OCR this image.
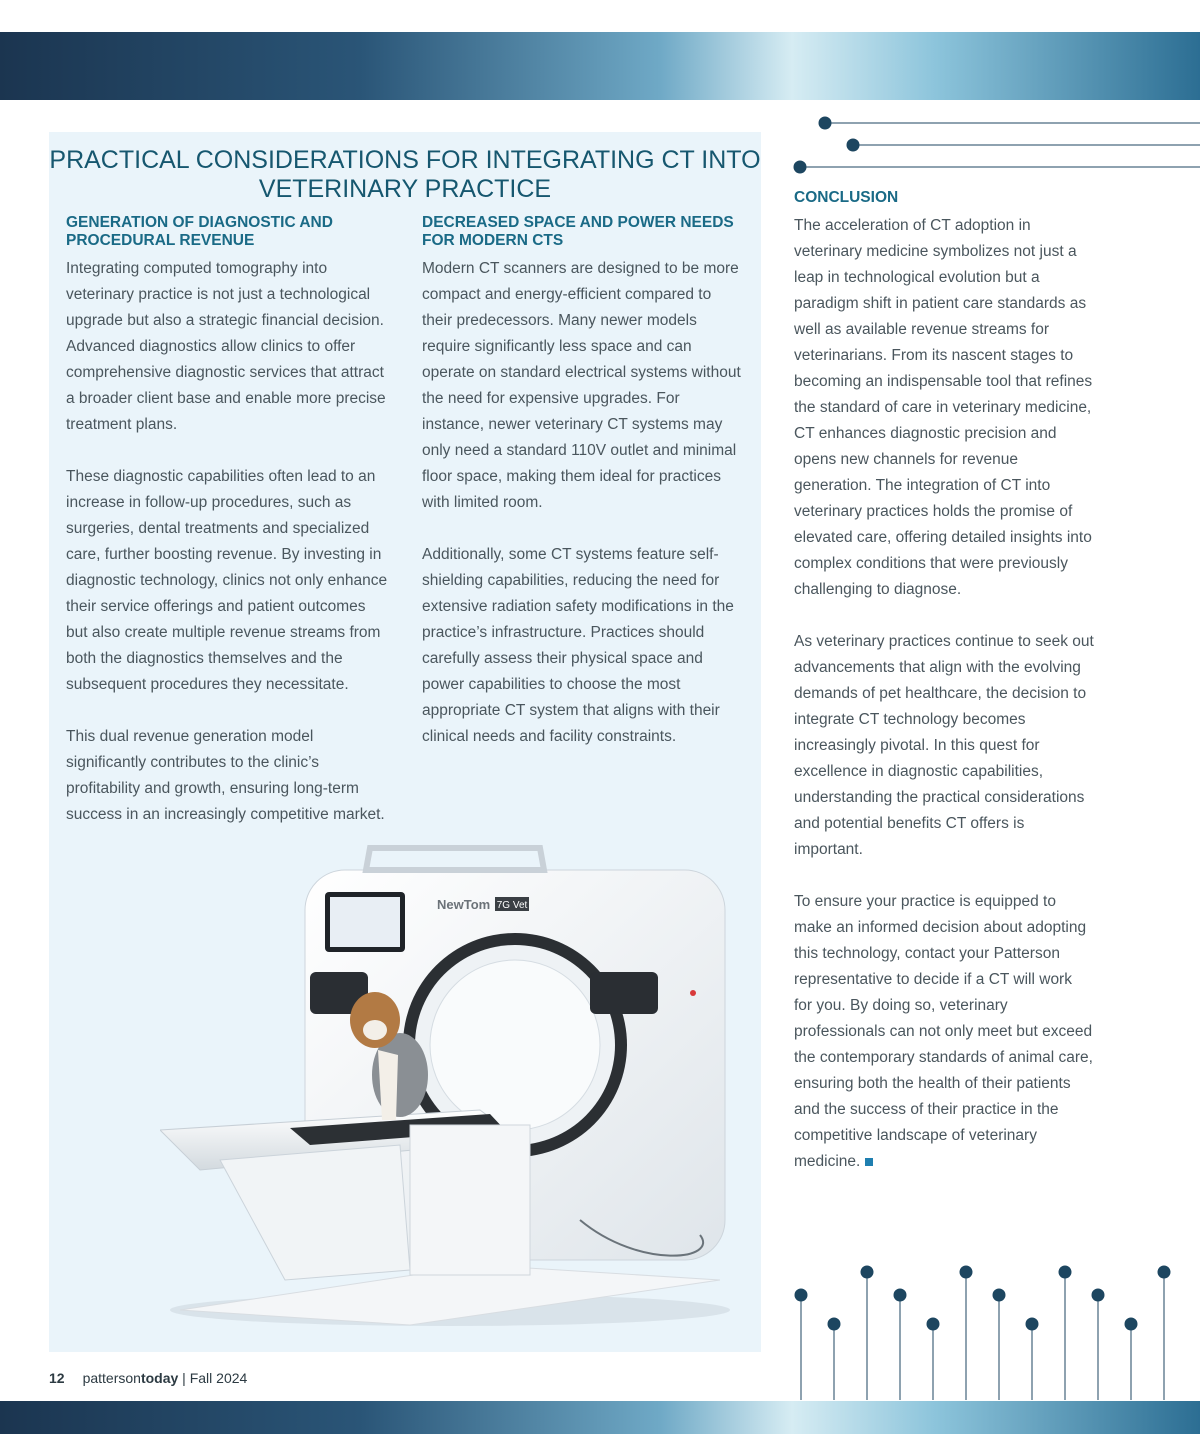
PRACTICAL CONSIDERATIONS FOR INTEGRATING CT INTO VETERINARY PRACTICE
GENERATION OF DIAGNOSTIC AND PROCEDURAL REVENUE

Integrating computed tomography into veterinary practice is not just a technological upgrade but also a strategic financial decision. Advanced diagnostics allow clinics to offer comprehensive diagnostic services that attract a broader client base and enable more precise treatment plans.

These diagnostic capabilities often lead to an increase in follow-up procedures, such as surgeries, dental treatments and specialized care, further boosting revenue. By investing in diagnostic technology, clinics not only enhance their service offerings and patient outcomes but also create multiple revenue streams from both the diagnostics themselves and the subsequent procedures they necessitate.

This dual revenue generation model significantly contributes to the clinic’s profitability and growth, ensuring long-term success in an increasingly competitive market.

DECREASED SPACE AND POWER NEEDS FOR MODERN CTS

Modern CT scanners are designed to be more compact and energy-efficient compared to their predecessors. Many newer models require significantly less space and can operate on standard electrical systems without the need for expensive upgrades. For instance, newer veterinary CT systems may only need a standard 110V outlet and minimal floor space, making them ideal for practices with limited room.

Additionally, some CT systems feature self-shielding capabilities, reducing the need for extensive radiation safety modifications in the practice’s infrastructure. Practices should carefully assess their physical space and power capabilities to choose the most appropriate CT system that aligns with their clinical needs and facility constraints.

CONCLUSION

The acceleration of CT adoption in veterinary medicine symbolizes not just a leap in technological evolution but a paradigm shift in patient care standards as well as available revenue streams for veterinarians. From its nascent stages to becoming an indispensable tool that refines the standard of care in veterinary medicine, CT enhances diagnostic precision and opens new channels for revenue generation. The integration of CT into veterinary practices holds the promise of elevated care, offering detailed insights into complex conditions that were previously challenging to diagnose.

As veterinary practices continue to seek out advancements that align with the evolving demands of pet healthcare, the decision to integrate CT technology becomes increasingly pivotal. In this quest for excellence in diagnostic capabilities, understanding the practical considerations and potential benefits CT offers is important.

To ensure your practice is equipped to make an informed decision about adopting this technology, contact your Patterson representative to decide if a CT will work for you. By doing so, veterinary professionals can not only meet but exceed the contemporary standards of animal care, ensuring both the health of their patients and the success of their practice in the competitive landscape of veterinary medicine.

NewTom 7G Vet
12 pattersontoday | Fall 2024
